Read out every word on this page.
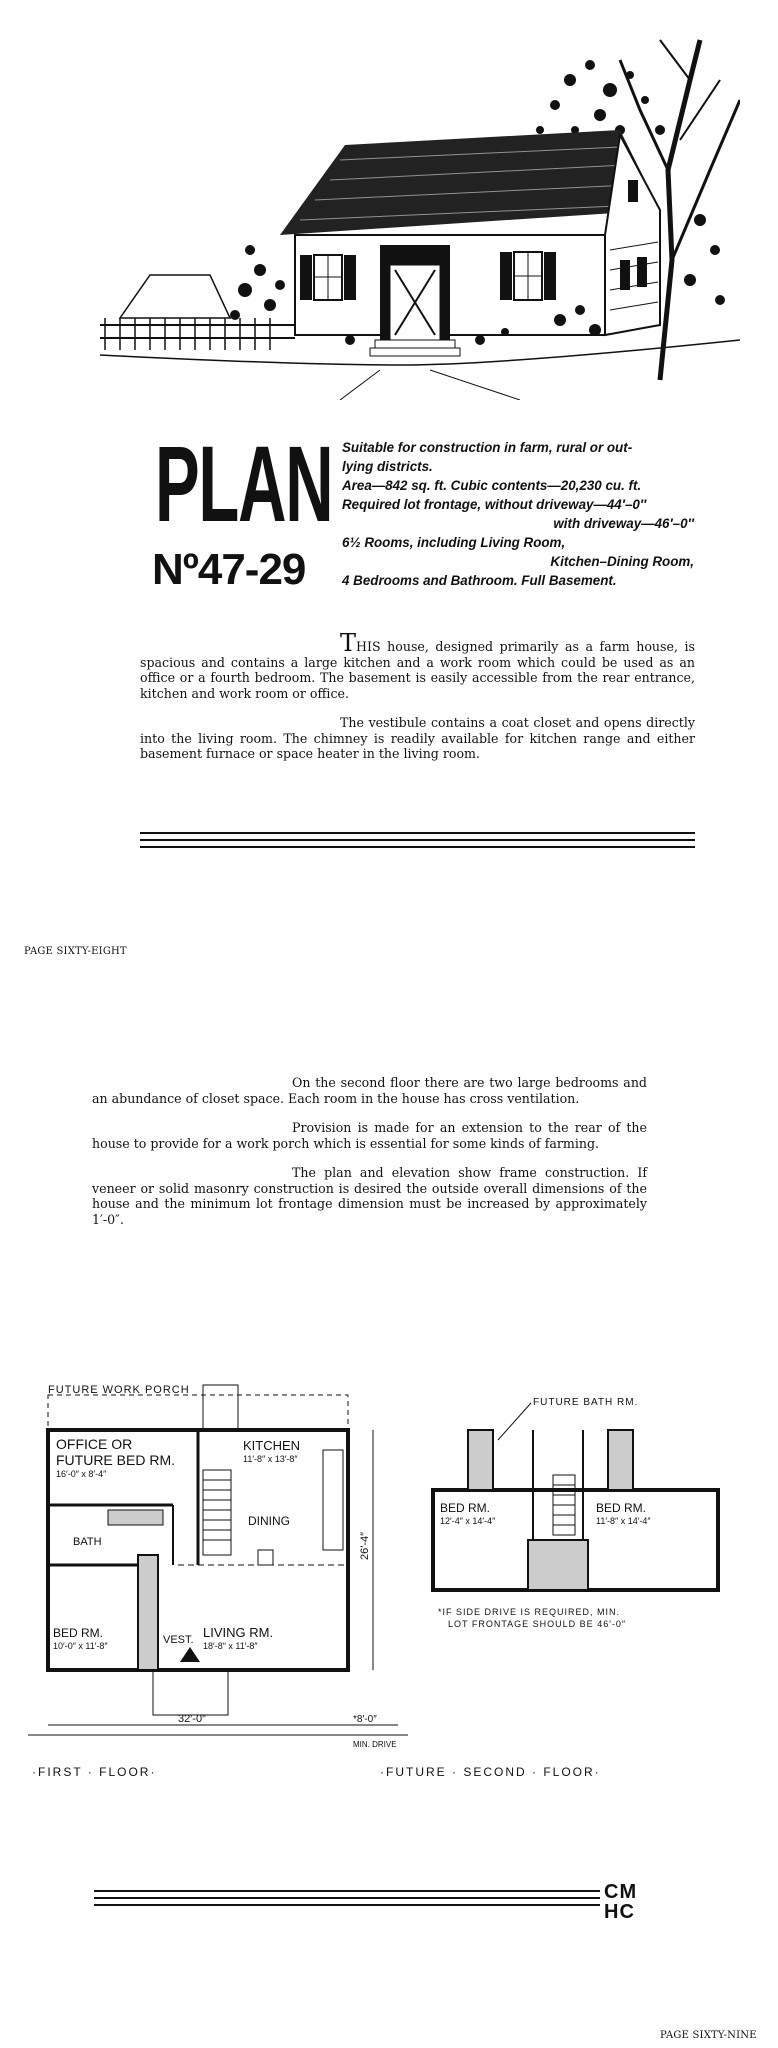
PLAN
Nº47-29
Suitable for construction in farm, rural or out-
lying districts.
Area—842 sq. ft. Cubic contents—20,230 cu. ft.
Required lot frontage, without driveway—44′–0″
with driveway—46′–0″
6½ Rooms, including Living Room,
Kitchen–Dining Room,
4 Bedrooms and Bathroom. Full Basement.

THIS house, designed primarily as a farm house, is spacious and contains a large kitchen and a work room which could be used as an office or a fourth bedroom. The basement is easily accessible from the rear entrance, kitchen and work room or office.

The vestibule contains a coat closet and opens directly into the living room. The chimney is readily available for kitchen range and either basement furnace or space heater in the living room.

PAGE SIXTY-EIGHT

On the second floor there are two large bedrooms and an abundance of closet space. Each room in the house has cross ventilation.

Provision is made for an extension to the rear of the house to provide for a work porch which is essential for some kinds of farming.

The plan and elevation show frame construction. If veneer or solid masonry construction is desired the outside overall dimensions of the house and the minimum lot frontage dimension must be increased by approximately 1′-0″.

FUTURE WORK PORCH
OFFICE OR
FUTURE BED RM.
16′-0″ x 8′-4″
KITCHEN
11′-8″ x 13′-8″
DINING
BATH
BED RM.
10′-0″ x 11′-8″	VEST. LIVING RM.
18′-8″ x 11′-8″
26′-4″
32′-0″	*8′-0″
MIN. DRIVE
BED RM.
12′-4″ x 14′-4″
BED RM.
11′-8″ x 14′-4″
FUTURE BATH RM.
*IF SIDE DRIVE IS REQUIRED, MIN.
LOT FRONTAGE SHOULD BE 46′-0″
·FIRST · FLOOR·	·FUTURE · SECOND · FLOOR·
CM
HC
PAGE SIXTY-NINE
